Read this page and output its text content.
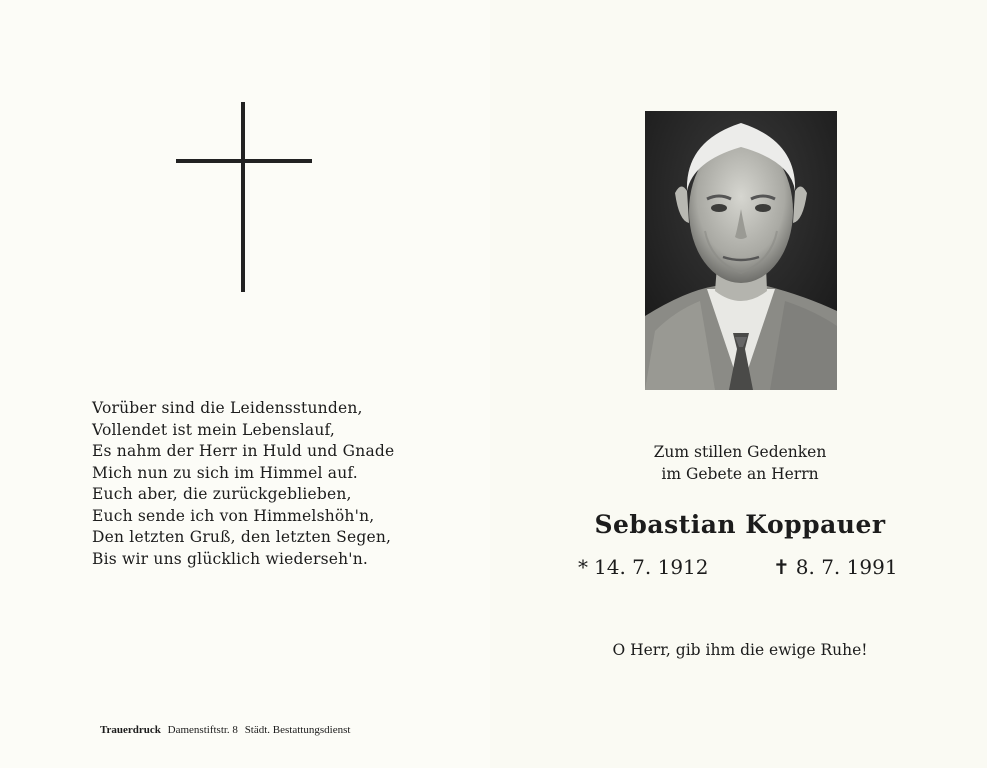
Vorüber sind die Leidensstunden,
Vollendet ist mein Lebenslauf,
Es nahm der Herr in Huld und Gnade
Mich nun zu sich im Himmel auf.
Euch aber, die zurückgeblieben,
Euch sende ich von Himmelshöh'n,
Den letzten Gruß, den letzten Segen,
Bis wir uns glücklich wiederseh'n.
Trauerdruck Damenstiftstr. 8 Städt. Bestattungsdienst
Zum stillen Gedenken
im Gebete an Herrn
Sebastian Koppauer
* 14. 7. 1912	✝ 8. 7. 1991
O Herr, gib ihm die ewige Ruhe!
